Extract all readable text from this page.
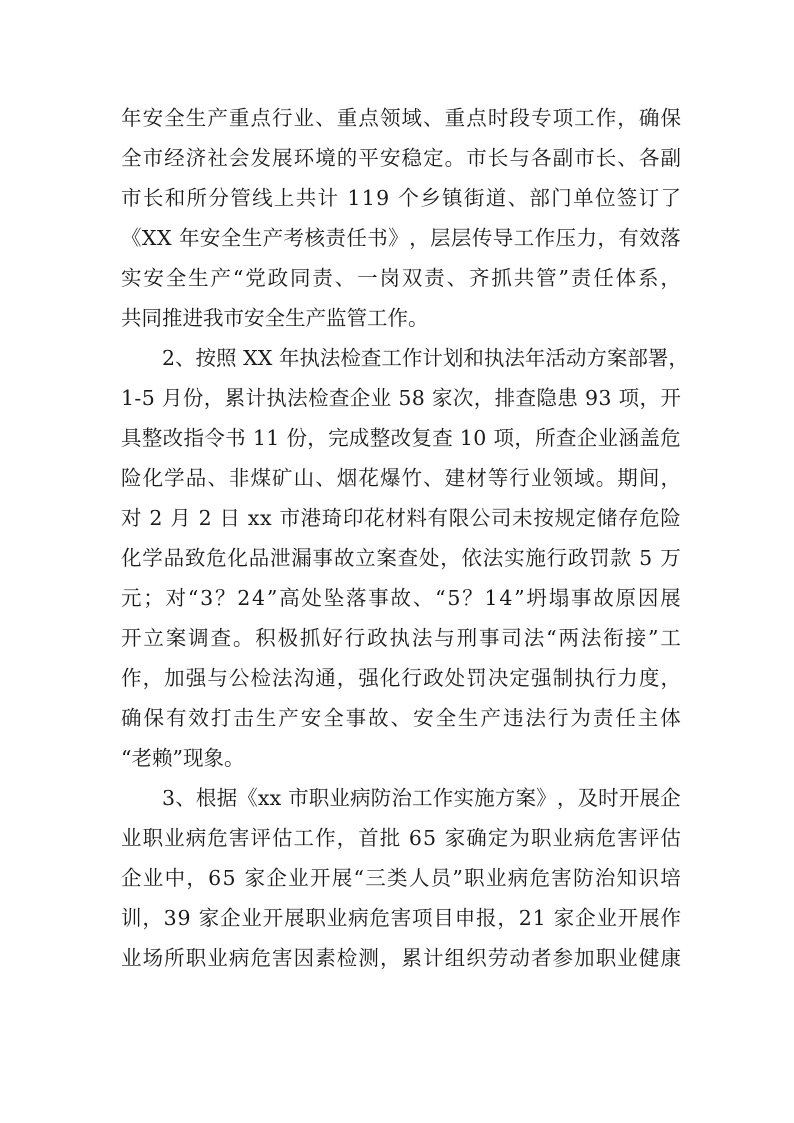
年 安 全 生 产 重 点 行 业 、 重 点 领 域 、 重 点 时 段 专 项 工 作 ， 确 保
全 市 经 济 社 会 发 展 环 境 的 平 安 稳 定 。 市 长 与 各 副 市 长 、 各 副
市 长 和 所 分 管 线 上 共 计
1 1 9
个 乡 镇 街 道 、 部 门 单 位 签 订 了
《 X X
年 安 全 生 产 考 核 责 任 书 》 ， 层 层 传 导 工 作 压 力 ， 有 效 落
实 安 全 生 产 “ 党 政 同 责 、 一 岗 双 责 、 齐 抓 共 管 ” 责 任 体 系 ，
共同推进我市安全生产监管工作。
2 、 按 照
X X
年 执 法 检 查 工 作 计 划 和 执 法 年 活 动 方 案 部 署 ，
1 - 5
月 份 ， 累 计 执 法 检 查 企 业
5 8
家 次 ， 排 查 隐 患
9 3
项 ， 开
具 整 改 指 令 书
1 1
份 ， 完 成 整 改 复 查
1 0
项 ， 所 查 企 业 涵 盖 危
险 化 学 品 、 非 煤 矿 山 、 烟 花 爆 竹 、 建 材 等 行 业 领 域 。 期 间 ，
对
2
月
2
日
x x
市 港 琦 印 花 材 料 有 限 公 司 未 按 规 定 储 存 危 险
化 学 品 致 危 化 品 泄 漏 事 故 立 案 查 处 ， 依 法 实 施 行 政 罚 款
5
万
元 ； 对 “ 3 ？ 2 4 ” 高 处 坠 落 事 故 、 “ 5 ？ 1 4 ” 坍 塌 事 故 原 因 展
开 立 案 调 查 。 积 极 抓 好 行 政 执 法 与 刑 事 司 法 “ 两 法 衔 接 ” 工
作 ， 加 强 与 公 检 法 沟 通 ， 强 化 行 政 处 罚 决 定 强 制 执 行 力 度 ，
确 保 有 效 打 击 生 产 安 全 事 故 、 安 全 生 产 违 法 行 为 责 任 主 体
“老赖”现象。
3 、 根 据 《 x x
市 职 业 病 防 治 工 作 实 施 方 案 》 ， 及 时 开 展 企
业 职 业 病 危 害 评 估 工 作 ， 首 批
6 5
家 确 定 为 职 业 病 危 害 评 估
企 业 中 ， 6 5
家 企 业 开 展 “ 三 类 人 员 ” 职 业 病 危 害 防 治 知 识 培
训 ， 3 9
家 企 业 开 展 职 业 病 危 害 项 目 申 报 ， 2 1
家 企 业 开 展 作
业 场 所 职 业 病 危 害 因 素 检 测 ， 累 计 组 织 劳 动 者 参 加 职 业 健 康
